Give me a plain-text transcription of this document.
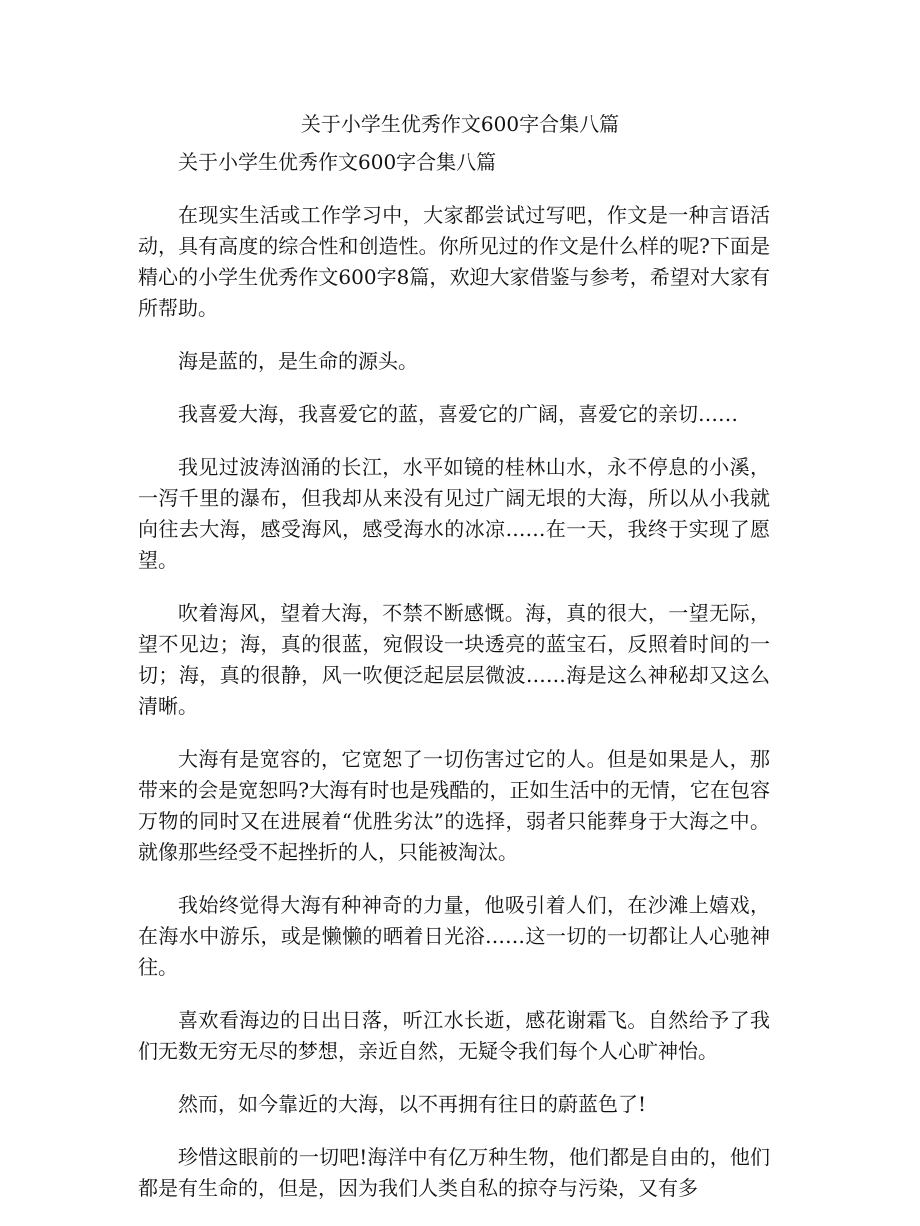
关于小学生优秀作文600字合集八篇

关于小学生优秀作文600字合集八篇

在现实生活或工作学习中，大家都尝试过写吧，作文是一种言语活动，具有高度的综合性和创造性。你所见过的作文是什么样的呢?下面是精心的小学生优秀作文600字8篇，欢迎大家借鉴与参考，希望对大家有所帮助。

海是蓝的，是生命的源头。

我喜爱大海，我喜爱它的蓝，喜爱它的广阔，喜爱它的亲切……

我见过波涛汹涌的长江，水平如镜的桂林山水，永不停息的小溪，一泻千里的瀑布，但我却从来没有见过广阔无垠的大海，所以从小我就向往去大海，感受海风，感受海水的冰凉……在一天，我终于实现了愿望。

吹着海风，望着大海，不禁不断感慨。海，真的很大，一望无际，望不见边；海，真的很蓝，宛假设一块透亮的蓝宝石，反照着时间的一切；海，真的很静，风一吹便泛起层层微波……海是这么神秘却又这么清晰。

大海有是宽容的，它宽恕了一切伤害过它的人。但是如果是人，那带来的会是宽恕吗?大海有时也是残酷的，正如生活中的无情，它在包容万物的同时又在进展着“优胜劣汰”的选择，弱者只能葬身于大海之中。就像那些经受不起挫折的人，只能被淘汰。

我始终觉得大海有种神奇的力量，他吸引着人们，在沙滩上嬉戏，在海水中游乐，或是懒懒的晒着日光浴……这一切的一切都让人心驰神往。

喜欢看海边的日出日落，听江水长逝，感花谢霜飞。自然给予了我们无数无穷无尽的梦想，亲近自然，无疑令我们每个人心旷神怡。

然而，如今靠近的大海，以不再拥有往日的蔚蓝色了!

珍惜这眼前的一切吧!海洋中有亿万种生物，他们都是自由的，他们都是有生命的，但是，因为我们人类自私的掠夺与污染，又有多
